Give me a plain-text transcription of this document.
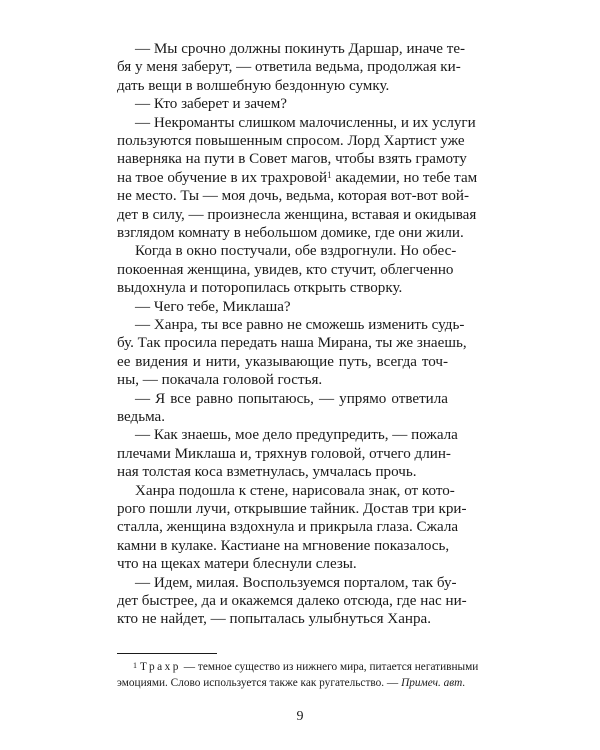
— Мы срочно должны покинуть Даршар, иначе те-
бя у меня заберут, — ответила ведьма, продолжая ки-
дать вещи в волшебную бездонную сумку.
— Кто заберет и зачем?
— Некроманты слишком малочисленны, и их услуги
пользуются повышенным спросом. Лорд Хартист уже
наверняка на пути в Совет магов, чтобы взять грамоту
на твое обучение в их трахровой$^1$ академии, но тебе там
не место. Ты — моя дочь, ведьма, которая вот-вот вой-
дет в силу, — произнесла женщина, вставая и окидывая
взглядом комнату в небольшом домике, где они жили.
Когда в окно постучали, обе вздрогнули. Но обес-
покоенная женщина, увидев, кто стучит, облегченно
выдохнула и поторопилась открыть створку.
— Чего тебе, Миклаша?
— Ханра, ты все равно не сможешь изменить судь-
бу. Так просила передать наша Мирана, ты же знаешь,
ее видения и нити, указывающие путь, всегда точ-
ны, — покачала головой гостья.
— Я все равно попытаюсь, — упрямо ответила
ведьма.
— Как знаешь, мое дело предупредить, — пожала
плечами Миклаша и, тряхнув головой, отчего длин-
ная толстая коса взметнулась, умчалась прочь.
Ханра подошла к стене, нарисовала знак, от кото-
рого пошли лучи, открывшие тайник. Достав три кри-
сталла, женщина вздохнула и прикрыла глаза. Сжала
камни в кулаке. Кастиане на мгновение показалось,
что на щеках матери блеснули слезы.
— Идем, милая. Воспользуемся порталом, так бу-
дет быстрее, да и окажемся далеко отсюда, где нас ни-
кто не найдет, — попыталась улыбнуться Ханра.
$^1$ Трахр — темное существо из нижнего мира, питается негативными
эмоциями. Слово используется также как ругательство. — Примеч. авт.
9
